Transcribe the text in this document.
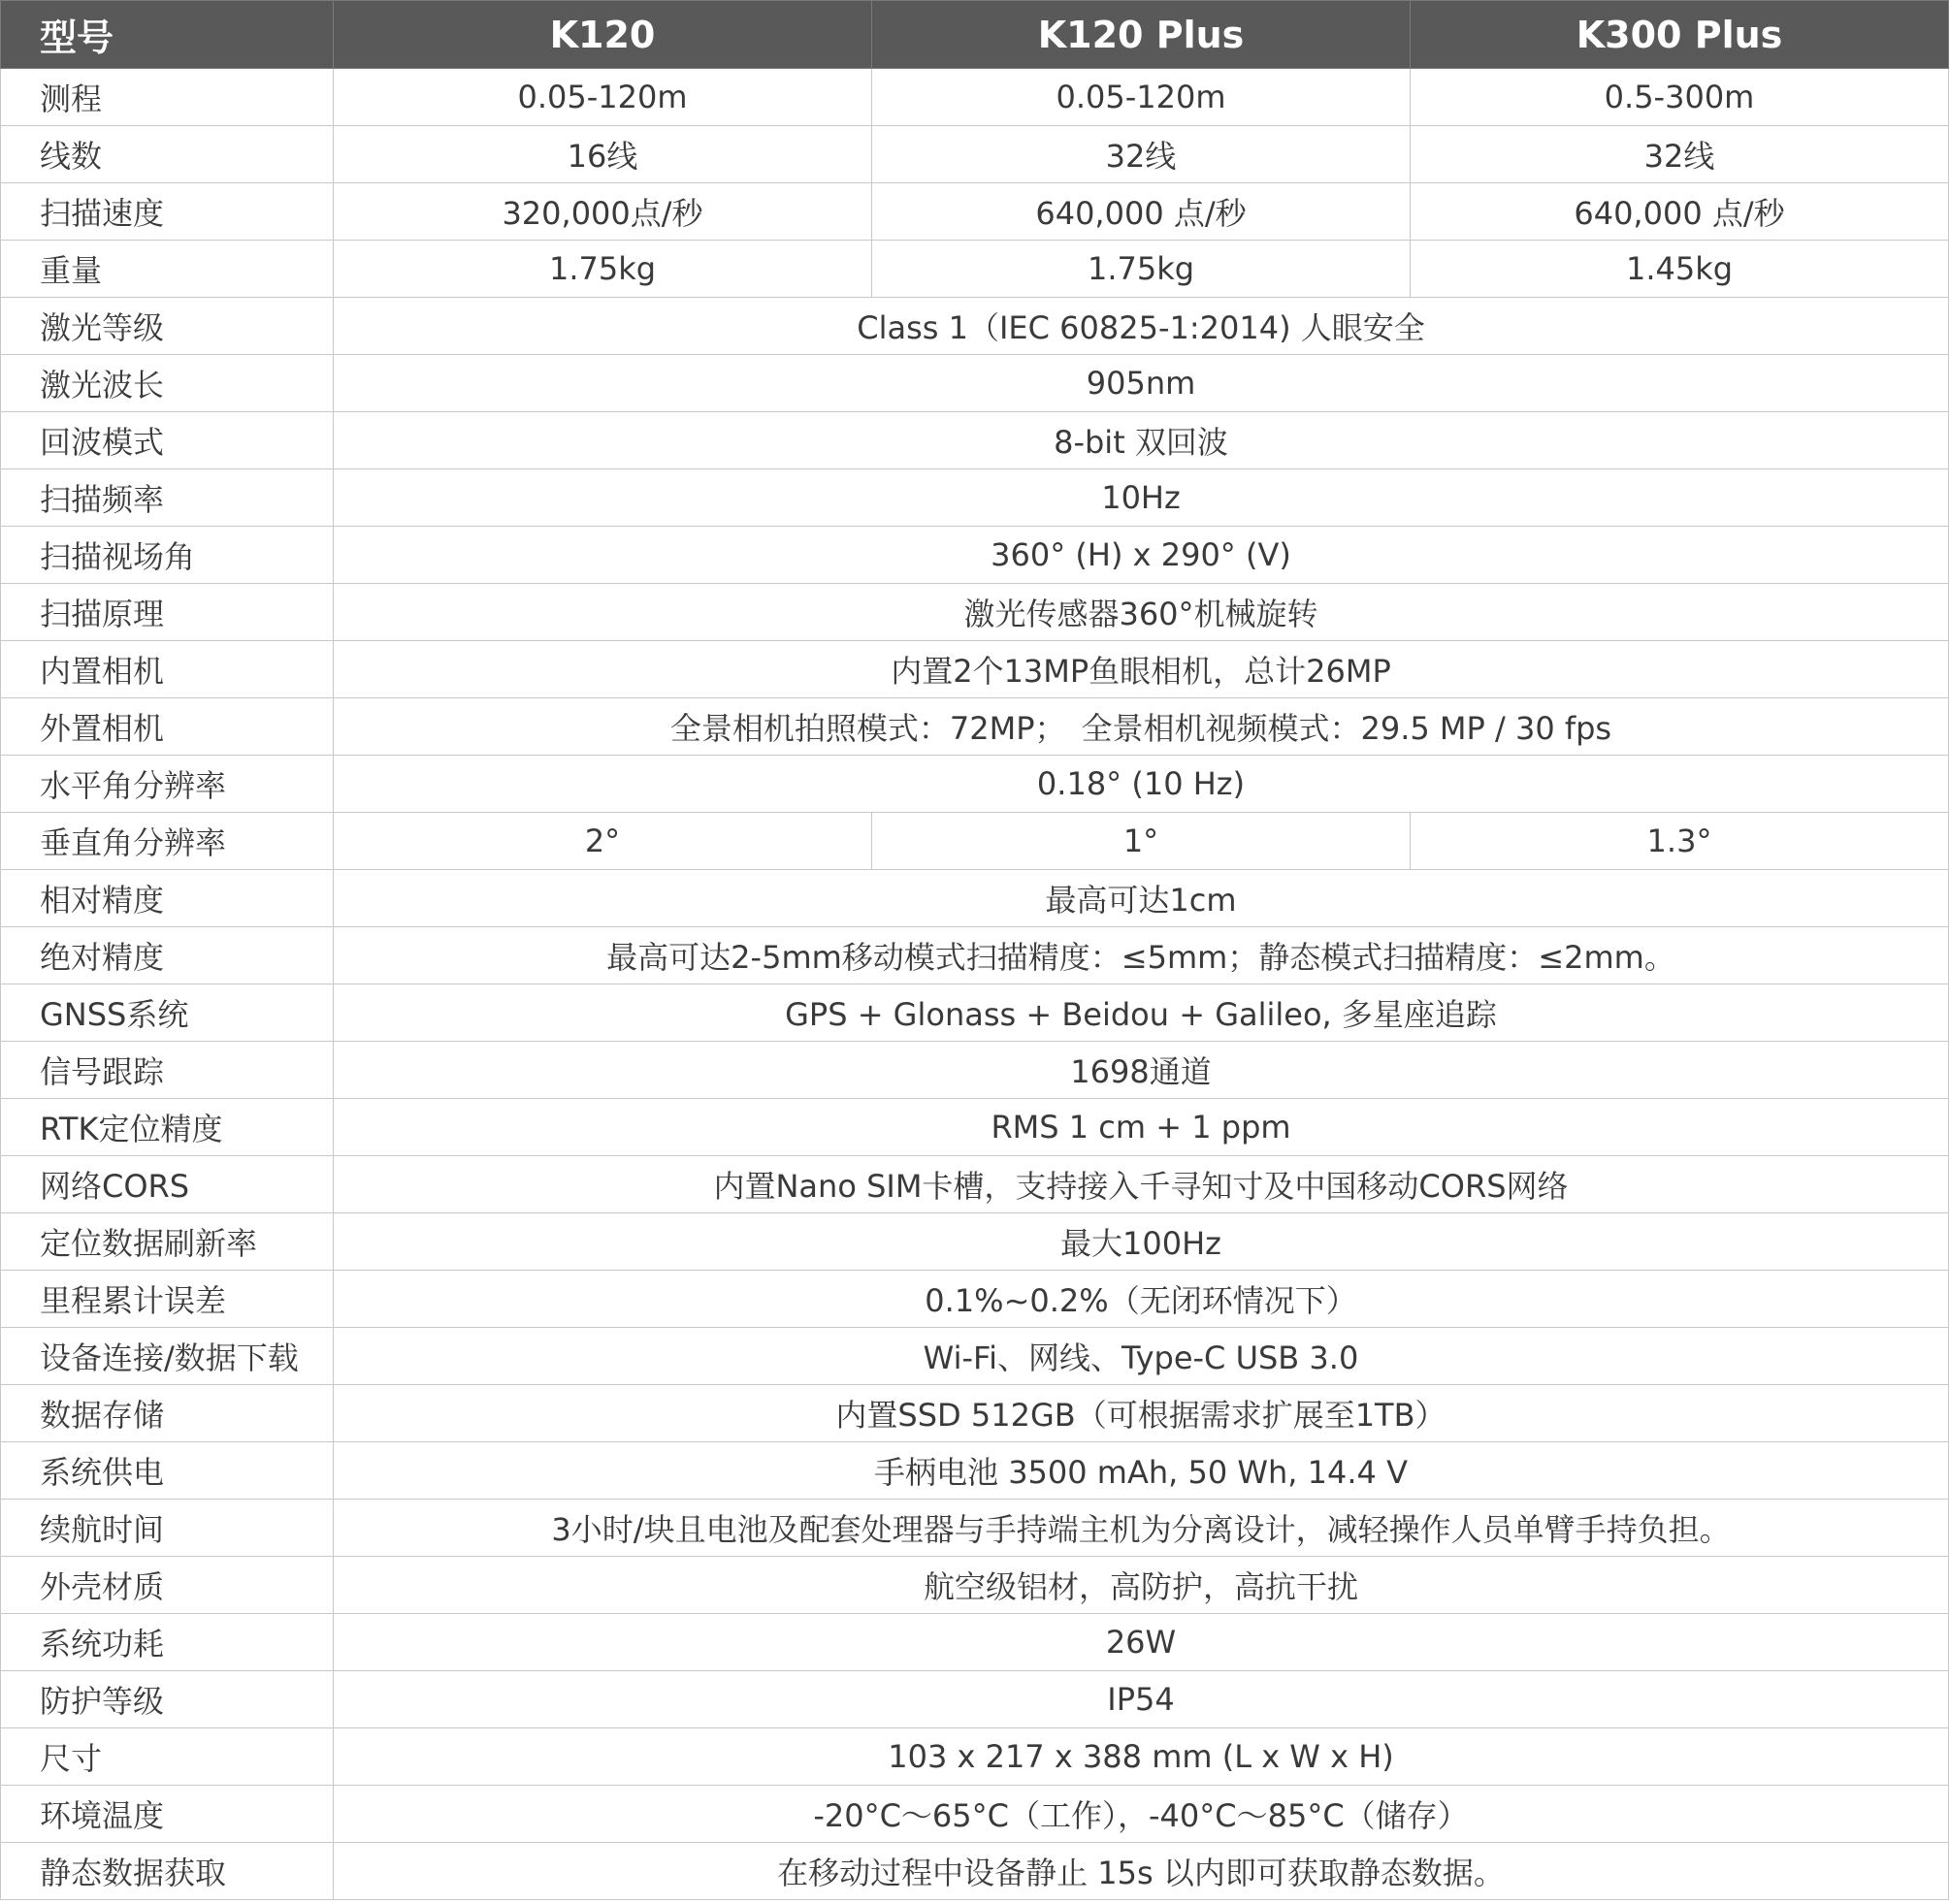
型号	K120	K120 Plus	K300 Plus
测程	0.05-120m	0.05-120m	0.5-300m
线数	16线	32线	32线
扫描速度	320,000点/秒	640,000 点/秒	640,000 点/秒
重量	1.75kg	1.75kg	1.45kg
激光等级	Class 1（IEC 60825-1:2014) 人眼安全		
激光波长	905nm		
回波模式	8-bit 双回波		
扫描频率	10Hz		
扫描视场角	360° (H) x 290° (V)		
扫描原理	激光传感器360°机械旋转		
内置相机	内置2个13MP鱼眼相机，总计26MP		
外置相机	全景相机拍照模式：72MP；　全景相机视频模式：29.5 MP / 30 fps		
水平角分辨率	0.18° (10 Hz)		
垂直角分辨率	2°	1°	1.3°
相对精度	最高可达1cm		
绝对精度	最高可达2-5mm移动模式扫描精度：≤5mm；静态模式扫描精度：≤2mm。		
GNSS系统	GPS + Glonass + Beidou + Galileo, 多星座追踪		
信号跟踪	1698通道		
RTK定位精度	RMS 1 cm + 1 ppm		
网络CORS	内置Nano SIM卡槽，支持接入千寻知寸及中国移动CORS网络		
定位数据刷新率	最大100Hz		
里程累计误差	0.1%~0.2%（无闭环情况下）		
设备连接/数据下载	Wi-Fi、网线、Type-C USB 3.0		
数据存储	内置SSD 512GB（可根据需求扩展至1TB）		
系统供电	手柄电池 3500 mAh, 50 Wh, 14.4 V		
续航时间	3小时/块且电池及配套处理器与手持端主机为分离设计，减轻操作人员单臂手持负担。		
外壳材质	航空级铝材，高防护，高抗干扰		
系统功耗	26W		
防护等级	IP54		
尺寸	103 x 217 x 388 mm (L x W x H)		
环境温度	-20°C～65°C（工作），-40°C～85°C（储存）		
静态数据获取	在移动过程中设备静止 15s 以内即可获取静态数据。		
